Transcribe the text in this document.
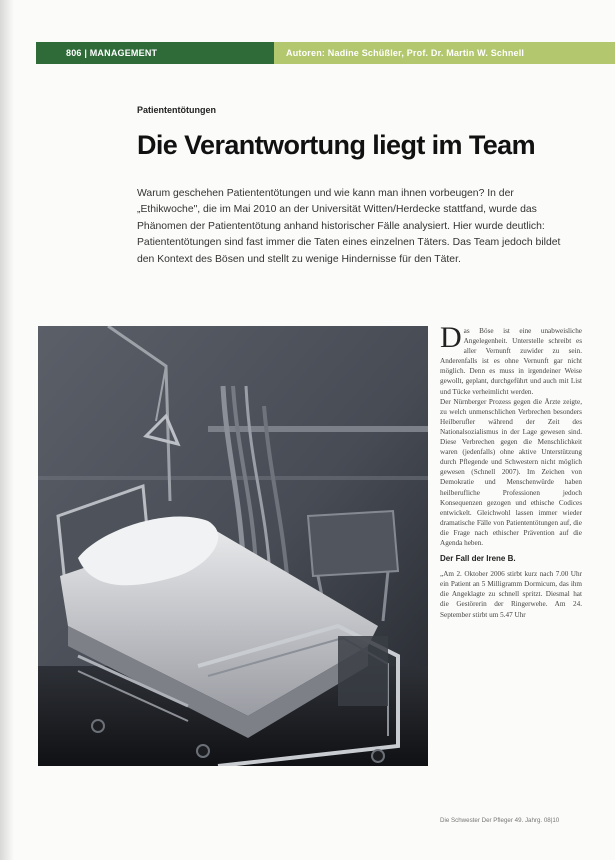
806 | MANAGEMENT	Autoren: Nadine Schüßler, Prof. Dr. Martin W. Schnell
Patiententötungen
Die Verantwortung liegt im Team

Warum geschehen Patiententötungen und wie kann man ihnen vorbeugen? In der „Ethikwoche", die im Mai 2010 an der Universität Witten/Herdecke stattfand, wurde das Phänomen der Patiententötung anhand historischer Fälle analysiert. Hier wurde deutlich: Patiententötungen sind fast immer die Taten eines einzelnen Täters. Das Team jedoch bildet den Kontext des Bösen und stellt zu wenige Hindernisse für den Täter.

Das Böse ist eine unabweisliche Angelegenheit. Unterstelle schreibt es aller Vernunft zuwider zu sein. Anderenfalls ist es ohne Vernunft gar nicht möglich. Denn es muss in irgendeiner Weise gewollt, geplant, durchgeführt und auch mit List und Tücke verheimlicht werden.

Der Nürnberger Prozess gegen die Ärzte zeigte, zu welch unmenschlichen Verbrechen besonders Heilberufler während der Zeit des Nationalsozialismus in der Lage gewesen sind. Diese Verbrechen gegen die Menschlichkeit waren (jedenfalls) ohne aktive Unterstützung durch Pflegende und Schwestern nicht möglich gewesen (Schnell 2007). Im Zeichen von Demokratie und Menschenwürde haben heilberufliche Professionen jedoch Konsequenzen gezogen und ethische Codices entwickelt. Gleichwohl lassen immer wieder dramatische Fälle von Patiententötungen auf, die die Frage nach ethischer Prävention auf die Agenda heben.

Der Fall der Irene B.

„Am 2. Oktober 2006 stirbt kurz nach 7.00 Uhr ein Patient an 5 Milligramm Dormicum, das ihm die Angeklagte zu schnell spritzt. Diesmal hat die Gestörerin der Ringerwehe. Am 24. September stirbt um 5.47 Uhr

Die Schwester Der Pfleger 49. Jahrg. 08|10
